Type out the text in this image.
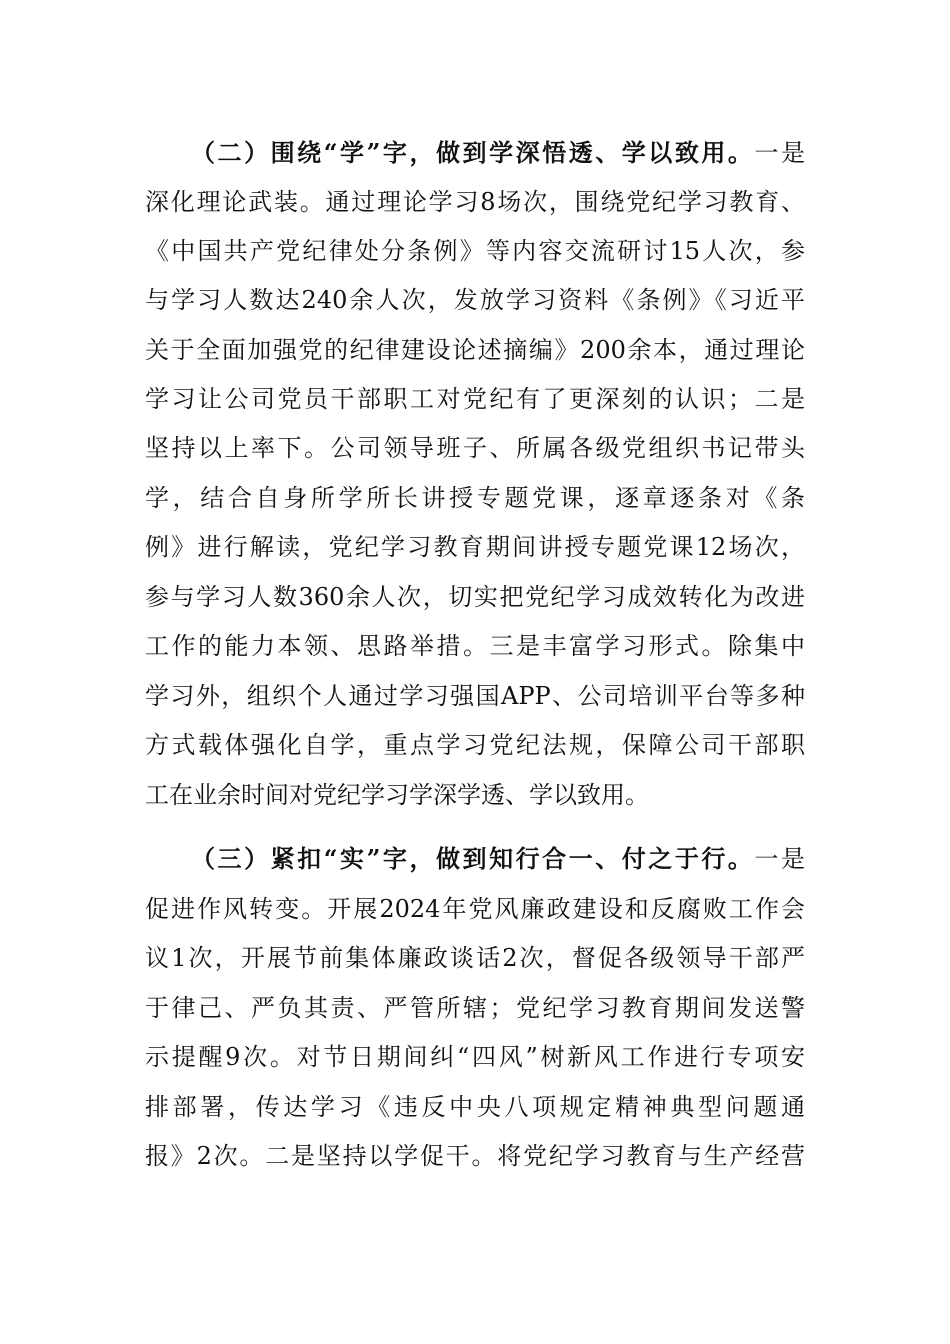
（二）围绕“学”字，做到学深悟透、学以致用。一是
深化理论武装。通过理论学习8场次，围绕党纪学习教育、
《中国共产党纪律处分条例》等内容交流研讨15人次，参
与学习人数达240余人次，发放学习资料《条例》《习近平
关于全面加强党的纪律建设论述摘编》200余本，通过理论
学习让公司党员干部职工对党纪有了更深刻的认识；二是
坚持以上率下。公司领导班子、所属各级党组织书记带头
学，结合自身所学所长讲授专题党课，逐章逐条对《条
例》进行解读，党纪学习教育期间讲授专题党课12场次，
参与学习人数360余人次，切实把党纪学习成效转化为改进
工作的能力本领、思路举措。三是丰富学习形式。除集中
学习外，组织个人通过学习强国APP、公司培训平台等多种
方式载体强化自学，重点学习党纪法规，保障公司干部职
工在业余时间对党纪学习学深学透、学以致用。
（三）紧扣“实”字，做到知行合一、付之于行。一是
促进作风转变。开展2024年党风廉政建设和反腐败工作会
议1次，开展节前集体廉政谈话2次，督促各级领导干部严
于律己、严负其责、严管所辖；党纪学习教育期间发送警
示提醒9次。对节日期间纠“四风”树新风工作进行专项安
排部署，传达学习《违反中央八项规定精神典型问题通
报》2次。二是坚持以学促干。将党纪学习教育与生产经营
